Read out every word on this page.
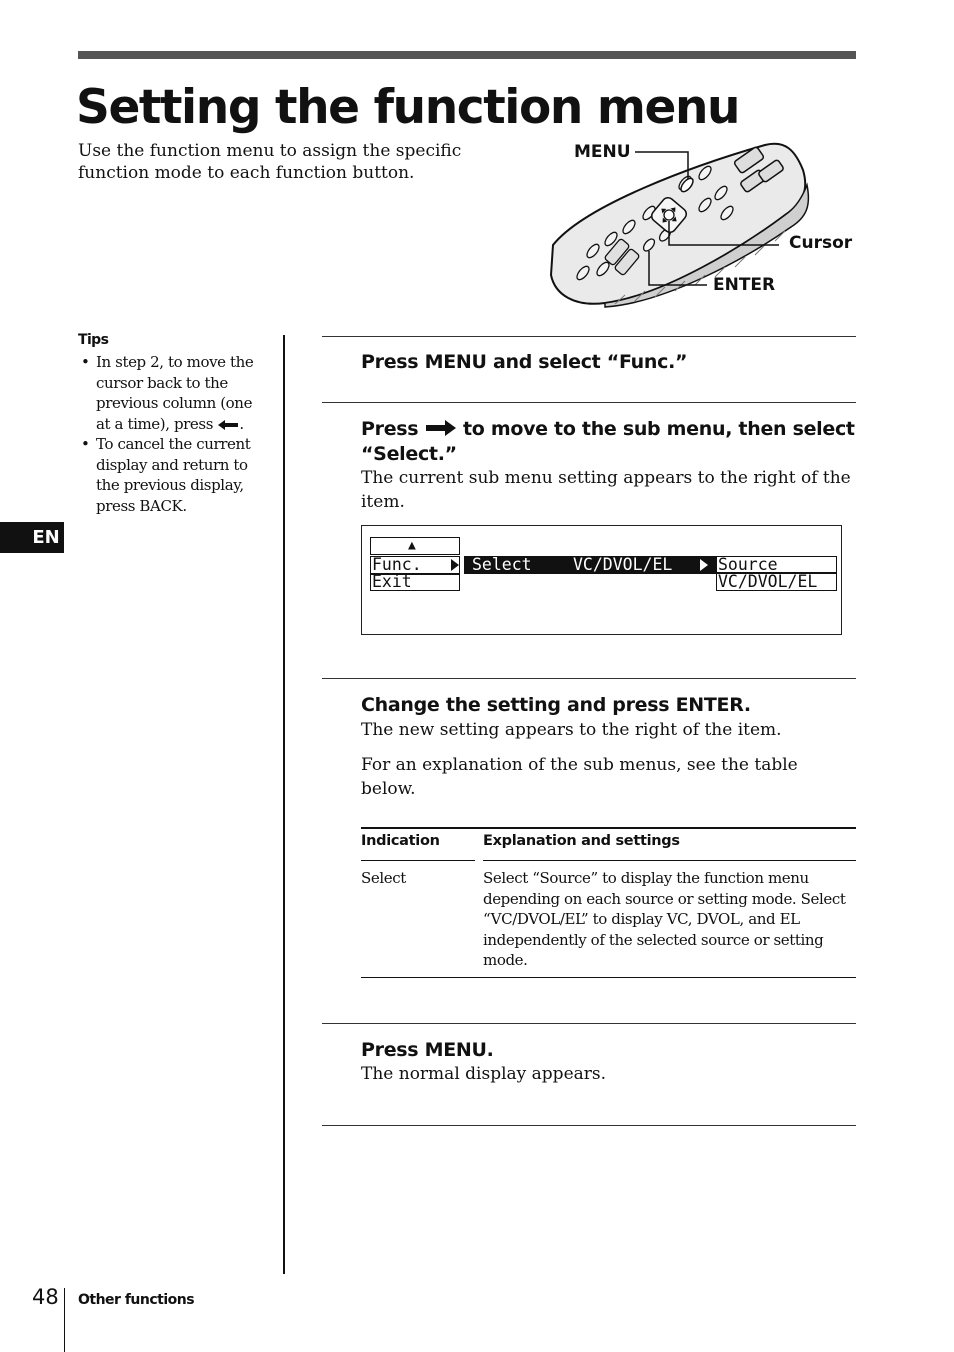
Setting the function menu

Use the function menu to assign the specific function mode to each function button.

MENU
Cursor
ENTER

Tips

• In step 2, to move the cursor back to the previous column (one at a time), press .

• To cancel the current display and return to the previous display, press BACK.

EN

Press MENU and select “Func.”

Press to move to the sub menu, then select “Select.”

The current sub menu setting appears to the right of the item.

▲
Func.	Select	VC/DVOL/EL	Source
Exit	VC/DVOL/EL

Change the setting and press ENTER.

The new setting appears to the right of the item.

For an explanation of the sub menus, see the table below.

Indication	Explanation and settings
Select	Select “Source” to display the function menu depending on each source or setting mode. Select “VC/DVOL/EL” to display VC, DVOL, and EL independently of the selected source or setting mode.

Press MENU.

The normal display appears.

48 Other functions
